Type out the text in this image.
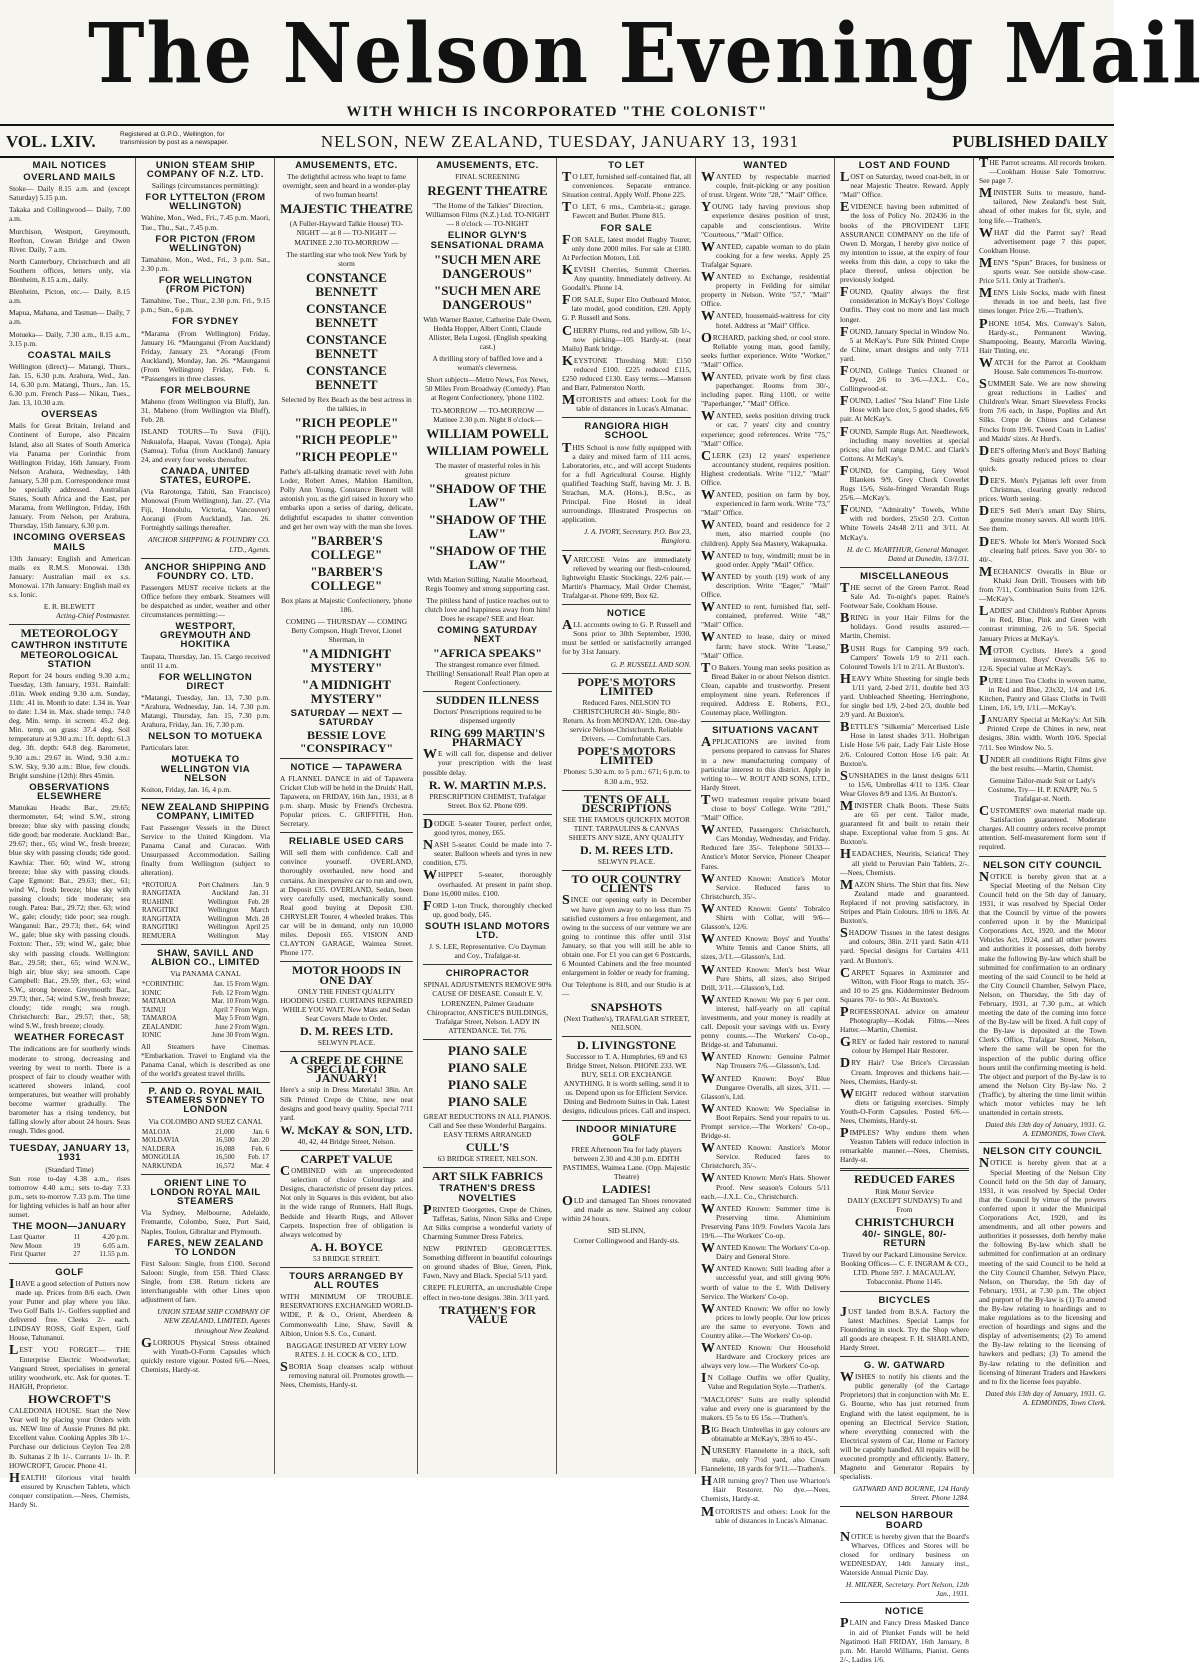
The Nelson Evening Mail
WITH WHICH IS INCORPORATED "THE COLONIST"
VOL. LXIV.	Registered at G.P.O., Wellington, for transmission by post as a newspaper.	NELSON, NEW ZEALAND, TUESDAY, JANUARY 13, 1931	PUBLISHED DAILY
MAIL NOTICES
OVERLAND MAILS

Stoke— Daily 8.15 a.m. and (except Saturday) 5.15 p.m.

Takaka and Collingwood— Daily, 7.00 a.m.

Murchison, Westport, Greymouth, Reefton, Cowan Bridge and Owen River. Daily, 7 a.m.

North Canterbury, Christchurch and all Southern offices, letters only, via Blenheim, 8.15 a.m., daily.

Blenheim, Picton, etc.— Daily, 8.15 a.m.

Mapua, Mahana, and Tasman— Daily, 7 a.m.

Motueka— Daily, 7.30 a.m., 8.15 a.m., 3.15 p.m.

COASTAL MAILS

Wellington (direct)— Matangi, Thurs., Jan. 15, 6.30 p.m. Arahura, Wed., Jan. 14, 6.30 p.m. Matangi, Thurs., Jan. 15, 6.30 p.m. French Pass— Nikau, Tues., Jan. 13, 10.30 a.m.

OVERSEAS

Mails for Great Britain, Ireland and Continent of Europe, also Pitcairn Island, also all States of South America via Panama per Corinthic from Wellington Friday, 16th January. From Nelson Arahura, Wednesday, 14th January, 5.30 p.m. Correspondence must be specially addressed. Australian States, South Africa and the East, per Marama, from Wellington, Friday, 16th January. From Nelson, per Arahura, Thursday, 15th January, 6.30 p.m.

INCOMING OVERSEAS MAILS

13th January: English and American mails ex R.M.S. Monowai. 13th January: Australian mail ex s.s. Monowai. 17th January: English mail ex s.s. Ionic.

E. R. BLEWETT
Acting-Chief Postmaster.
METEOROLOGY
CAWTHRON INSTITUTE METEOROLOGICAL STATION

Report for 24 hours ending 9.30 a.m.; Tuesday, 13th January, 1931. Rainfall: .01in. Week ending 9.30 a.m. Sunday, 11th: .41 in. Month to date: 1.34 in. Year to date: 1.34 in. Max. shade temp.: 74.0 deg. Min. temp. in screen: 45.2 deg. Min. temp. on grass: 37.4 deg. Soil temperature at 9.30 a.m.: 1ft. depth: 61.3 deg. 3ft. depth: 64.8 deg. Barometer, 9.30 a.m.: 29.67 in. Wind, 9.30 a.m.: S.W. Sky, 9.30 a.m.: Blue, few clouds. Bright sunshine (12th): 8hrs 45min.

OBSERVATIONS ELSEWHERE

Manukau Heads: Bar., 29.65; thermometer, 64; wind S.W., strong breeze; blue sky with passing clouds; tide good; bar moderate. Auckland: Bar., 29.67; ther., 65; wind W., fresh breeze; blue sky with passing clouds; tide good. Kawhia: Ther. 60; wind W., strong breeze; blue sky with passing clouds. Cape Egmont: Bar., 29.63; ther., 61; wind W., fresh breeze; blue sky with passing clouds; tide moderate; sea rough. Patea: Bar., 29.72; ther. 63; wind W., gale; cloudy; tide poor; sea rough. Wanganui: Bar., 29.73; ther., 64; wind W., gale; blue sky with passing clouds. Foxton: Ther., 59; wind W., gale; blue sky with passing clouds. Wellington: Bar., 29.58; ther., 65; wind W.N.W., high air; blue sky; sea smooth. Cape Campbell: Bar., 29.59; ther., 63; wind S.W., strong breeze. Greymouth: Bar., 29.73; ther., 54; wind S.W., fresh breeze; cloudy; tide rough; sea rough. Christchurch: Bar., 29.57; ther., 58; wind S.W., fresh breeze; cloudy.

WEATHER FORECAST

The indications are for southerly winds moderate to strong, decreasing and veering by west to north. There is a prospect of fair to cloudy weather with scattered showers inland, cool temperatures, but weather will probably become warmer gradually. The barometer has a rising tendency, but falling slowly after about 24 hours. Seas rough. Tides good.

TUESDAY, JANUARY 13, 1931
(Standard Time)

Sun rose to-day 4.38 a.m., rises tomorrow 4.40 a.m.; sets to-day 7.33 p.m., sets to-morrow 7.33 p.m. The time for lighting vehicles is half an hour after sunset.

THE MOON—JANUARY
Last Quarter	11	4.20 p.m.
New Moon	19	6.05 a.m.
First Quarter	27	11.55 p.m.
GOLF

IHAVE a good selection of Putters now made up. Prices from 8/6 each. Own your Putter and play where you like. Two Golf Balls 1/-. Golfers supplied and delivered free. Cleeks 2/- each. LINDSAY ROSS, Golf Expert, Golf House, Tahunanui.

LEST YOU FORGET— THE Enterprise Electric Woodworker, Vanguard Street, specialises in general utility woodwork, etc. Ask for quotes. T. HAIGH, Proprietor.

HOWCROFT'S

CALEDONIA HOUSE. Start the New Year well by placing your Orders with us. NEW line of Aussie Prunes 8d pkt. Excellent value. Cooking Apples 3lb 1/-. Purchase our delicious Ceylon Tea 2/8 lb. Sultanas 2 lb 1/-. Currants 1/- lb. P. HOWCROFT, Grocer. Phone 41.

HEALTH! Glorious vital health ensured by Kruschen Tablets, which conquer constipation.—Nees, Chemists, Hardy St.

UNION STEAM SHIP COMPANY OF N.Z. LTD.
Sailings (circumstances permitting):
FOR LYTTELTON (FROM WELLINGTON)

Wahine, Mon., Wed., Fri., 7.45 p.m. Maori, Tue., Thu., Sat., 7.45 p.m.

FOR PICTON (FROM WELLINGTON)

Tamahine, Mon., Wed., Fri., 3 p.m. Sat., 2.30 p.m.

FOR WELLINGTON (FROM PICTON)

Tamahine, Tue., Thur., 2.30 p.m. Fri., 9.15 p.m.; Sun., 6 p.m.

FOR SYDNEY

*Marama (From Wellington) Friday, January 16. *Maunganui (From Auckland) Friday, January 23. *Aorangi (From Auckland), Monday, Jan. 26. *Maunganui (From Wellington) Friday, Feb. 6. *Passengers in three classes.

FOR MELBOURNE

Maheno (from Wellington via Bluff), Jan. 31. Maheno (from Wellington via Bluff), Feb. 28.

ISLAND TOURS—To Suva (Fiji), Nukualofa, Haapai, Vavau (Tonga), Apia (Samoa). Tofua (from Auckland) January 24, and every four weeks thereafter.

CANADA, UNITED STATES, EUROPE.

(Via Rarotonga, Tahiti, San Francisco) Monowai (From Wellington), Jan. 27. (Via Fiji, Honolulu, Victoria, Vancouver) Aorangi (From Auckland), Jan. 26. Fortnightly sailings thereafter.

ANCHOR SHIPPING & FOUNDRY CO. LTD., Agents.

ANCHOR SHIPPING AND FOUNDRY CO. LTD.

Passengers MUST receive tickets at the Office before they embark. Steamers will be despatched as under, weather and other circumstances permitting:—

WESTPORT, GREYMOUTH AND HOKITIKA

Taupata, Thursday, Jan. 15. Cargo received until 11 a.m.

FOR WELLINGTON DIRECT

*Matangi, Tuesday, Jan. 13, 7.30 p.m. *Arahura, Wednesday, Jan. 14, 7.30 p.m. Matangi, Thursday, Jan. 15, 7.30 p.m. Arahura, Friday, Jan. 16, 7.30 p.m.

NELSON TO MOTUEKA

Particulars later.

MOTUEKA TO WELLINGTON VIA NELSON

Koiton, Friday, Jan. 16, 4 p.m.

NEW ZEALAND SHIPPING COMPANY, LIMITED

Fast Passenger Vessels in the Direct Service to the United Kingdom. Via Panama Canal and Curacao. With Unsurpassed Accommodation. Sailing finally from Wellington (subject to alteration).

*ROTOIUA	Port Chalmers	Jan. 9
RANGITATA	Auckland	Jan. 31
RUAHINE	Wellington	Feb. 28
RANGITIKI	Wellington	March
RANGITATA	Wellington	Mch. 28
RANGITIKI	Wellington	April 25
REMUERA	Wellington	May
SHAW, SAVILL AND ALBION CO., LIMITED
Via PANAMA CANAL
*CORINTHIC	Jan. 15 From Wgtn.
IONIC	Feb. 12 From Wgtn.
MATAROA	Mar. 10 From Wgtn.
TAINUI	April 7 From Wgtn.
TAMAROA	May 5 From Wgtn.
ZEALANDIC	June 2 From Wgtn.
IONIC	June 30 From Wgtn.

All Steamers have Cinemas. *Embarkation. Travel to England via the Panama Canal, which is described as one of the world's greatest travel thrills.

P. AND O. ROYAL MAIL STEAMERS SYDNEY TO LONDON
Via COLOMBO AND SUEZ CANAL
MALOJA	21,000	Jan. 6
MOLDAVIA	16,500	Jan. 20
NALDERA	16,088	Feb. 6
MONGOLIA	16,500	Feb. 17
NARKUNDA	16,572	Mar. 4
ORIENT LINE TO LONDON ROYAL MAIL STEAMERS

Via Sydney, Melbourne, Adelaide, Fremantle, Colombo, Suez, Port Said, Naples, Toulon, Gibraltar and Plymouth.

FARES, NEW ZEALAND TO LONDON

First Saloon: Single, from £100. Second Saloon: Single, from £58. Third Class: Single, from £38. Return tickets are interchangeable with other Lines upon adjustment of fare.

UNION STEAM SHIP COMPANY OF NEW ZEALAND, LIMITED, Agents throughout New Zealand.

GLORIOUS Physical Stress obtained with Youth-O-Form Capsules which quickly restore vigour. Posted 6/6.—Nees, Chemists, Hardy-st.

AMUSEMENTS, ETC.

The delightful actress who leapt to fame overnight, seen and heard in a wonder-play of two human hearts!

MAJESTIC THEATRE

(A Fuller-Hayward Talkie House) TO-NIGHT — at 8 — TO-NIGHT — MATINEE 2.30 TO-MORROW —

The startling star who took New York by storm

CONSTANCE BENNETT
CONSTANCE BENNETT
CONSTANCE BENNETT
CONSTANCE BENNETT

Selected by Rex Beach as the best actress in the talkies, in

"RICH PEOPLE"
"RICH PEOPLE"
"RICH PEOPLE"

Pathe's all-talking dramatic revel with John Loder, Robert Ames, Mahlon Hamilton, Polly Ann Young. Constance Bennett will astonish you, as the girl raised in luxury who embarks upon a series of daring, delicate, delightful escapades to shatter convention and get her own way with the man she loves.

"BARBER'S COLLEGE"
"BARBER'S COLLEGE"

Box plans at Majestic Confectionery, 'phone 186.

COMING — THURSDAY — COMING Betty Compson, Hugh Trevor, Lionel Sherman, in

"A MIDNIGHT MYSTERY"
"A MIDNIGHT MYSTERY"
SATURDAY — NEXT — SATURDAY
BESSIE LOVE
"CONSPIRACY"
NOTICE — TAPAWERA

A FLANNEL DANCE in aid of Tapawera Cricket Club will be held in the Druids' Hall, Tapawera, on FRIDAY, 16th Jan., 1931, at 8 p.m. sharp. Music by Friend's Orchestra. Popular prices. C. GRIFFITH, Hon. Secretary.

RELIABLE USED CARS

Will sell them with confidence. Call and convince yourself. OVERLAND, thoroughly overhauled, new hood and curtains. An inexpensive car to run and own, at Deposit £35. OVERLAND, Sedan, been very carefully used, mechanically sound. Real good buying at Deposit £30. CHRYSLER Tourer, 4 wheeled brakes. This car will be in demand, only run 10,000 miles. Deposit £65. VISION AND CLAYTON GARAGE, Waimea Street. Phone 177.

MOTOR HOODS IN ONE DAY

ONLY THE FINEST QUALITY HOODING USED. CURTAINS REPAIRED WHILE YOU WAIT. New Mats and Sedan Seat Covers Made to Order.

D. M. REES LTD.
SELWYN PLACE.
A CREPE DE CHINE SPECIAL FOR JANUARY!

Here's a snip in Dress Materials! 38in. Art Silk Printed Crepe de Chine, new neat designs and good heavy quality. Special 7/11 yard.

W. McKAY & SON, LTD.
40, 42, 44 Bridge Street, Nelson.
CARPET VALUE

COMBINED with an unprecedented selection of choice Colourings and Designs, characteristic of present day prices. Not only in Squares is this evident, but also in the wide range of Runners, Hall Rugs, Bedside and Hearth Rugs, and Allover Carpets. Inspection free of obligation is always welcomed by

A. H. BOYCE
53 BRIDGE STREET.
TOURS ARRANGED BY ALL ROUTES

WITH MINIMUM OF TROUBLE. RESERVATIONS EXCHANGED WORLD-WIDE, P. & O., Orient, Aberdeen & Commonwealth Line, Shaw, Savill & Albion, Union S.S. Co., Cunard.

BAGGAGE INSURED AT VERY LOW RATES. J. H. COCK & CO., LTD.

SBORIA Soap cleanses scalp without removing natural oil. Promotes growth.—Nees, Chemists, Hardy-st.

AMUSEMENTS, ETC.
FINAL SCREENING
REGENT THEATRE

"The Home of the Talkies" Direction, Williamson Films (N.Z.) Ltd. TO-NIGHT — 8 o'clock — TO-NIGHT

ELINOR GLYN'S SENSATIONAL DRAMA
"SUCH MEN ARE DANGEROUS"
"SUCH MEN ARE DANGEROUS"

With Warner Baxter, Catherine Dale Owen, Hedda Hopper, Albert Conti, Claude Allister, Bela Lugosi. (English speaking cast.)

A thrilling story of baffled love and a woman's cleverness.

Short subjects—Metro News, Fox News, 50 Miles From Broadway (Comedy). Plan at Regent Confectionery, 'phone 1102.

TO-MORROW — TO-MORROW — Matinee 2.30 p.m. Night 8 o'clock—

WILLIAM POWELL
WILLIAM POWELL

The master of masterful roles in his greatest picture

"SHADOW OF THE LAW"
"SHADOW OF THE LAW"
"SHADOW OF THE LAW"

With Marion Stilling, Natalie Moorhead, Regis Toomey and strong supporting cast.

The pitiless hand of justice reaches out to clutch love and happiness away from him! Does he escape? SEE and Hear.

COMING SATURDAY NEXT
"AFRICA SPEAKS"

The strangest romance ever filmed. Thrilling! Sensational! Real! Plan open at Regent Confectionery.

SUDDEN ILLNESS

Doctors' Prescriptions required to be dispensed urgently

RING 699 MARTIN'S PHARMACY

WE will call for, dispense and deliver your prescription with the least possible delay.

R. W. MARTIN M.P.S.

PRESCRIPTION CHEMIST, Trafalgar Street. Box 62. Phone 699.

DODGE 5-seater Tourer, perfect order, good tyres, money, £65.

NASH 5-seater. Could be made into 7-seater. Balloon wheels and tyres in new condition, £75.

WHIPPET 5-seater, thoroughly overhauled. At present in paint shop. Done 16,000 miles. £100.

FORD 1-ton Truck, thoroughly checked up, good body, £45.

SOUTH ISLAND MOTORS LTD.

J. S. LEE, Representative. C/o Dayman and Coy., Trafalgar-st.

CHIROPRACTOR

SPINAL ADJUSTMENTS REMOVE 90% CAUSE OF DISEASE. Consult E. V. LORENZEN, Palmer Graduate Chiropractor, ANSTICE'S BUILDINGS, Trafalgar Street, Nelson. LADY IN ATTENDANCE. Tel. 776.

PIANO SALE
PIANO SALE
PIANO SALE
PIANO SALE

GREAT REDUCTIONS IN ALL PIANOS. Call and See these Wonderful Bargains. EASY TERMS ARRANGED

CULL'S
63 BRIDGE STREET, NELSON.
ART SILK FABRICS
TRATHEN'S DRESS NOVELTIES

PRINTED Georgettes, Crepe de Chines, Taffetas, Satins, Ninon Silks and Crepe Art Silks comprise a wonderful variety of Charming Summer Dress Fabrics.

NEW PRINTED GEORGETTES. Something different in beautiful colourings on ground shades of Blue, Green, Pink, Fawn, Navy and Black. Special 5/11 yard.

CREPE FLEURITA, an uncrushable Crepe effect in two-tone designs. 38in. 3/11 yard.

TRATHEN'S FOR VALUE
TO LET

TO LET, furnished self-contained flat, all conveniences. Separate entrance. Situation central. Apply Wolf. Phone 225.

TO LET, 6 rms., Cambria-st.; garage. Fawcett and Butler. Phone 815.

FOR SALE

FOR SALE, latest model Rugby Tourer, only done 2000 miles. For sale at £180. At Perfection Motors, Ltd.

KEVISH Cherries, Summit Cherries. Any quantity. Immediately delivery. At Goodall's. Phone 14.

FOR SALE, Super Elto Outboard Motor, late model, good condition, £20. Apply G. P. Russell and Sons.

CHERRY Plums, red and yellow, 5lb 1/-, now picking—105 Hardy-st. (near Mailu) Bank bridge.

KEYSTONE Threshing Mill: £150 reduced £100. £225 reduced £115, £250 reduced £130. Easy terms.—Manson and Barr, Palmerston North.

MOTORISTS and others: Look for the table of distances in Lucas's Almanac.

RANGIORA HIGH SCHOOL

THIS School is now fully equipped with a dairy and mixed farm of 111 acres, Laboratories, etc., and will accept Students for a full Agricultural Course. Highly qualified Teaching Staff, having Mr. J. B. Strachan, M.A. (Hons.), B.Sc., as Principal. Fine Hostel in ideal surroundings. Illustrated Prospectus on application.

J. A. IVORY, Secretary. P.O. Box 23, Rangiora.

VARICOSE Veins are immediately relieved by wearing our flesh-coloured, lightweight Elastic Stockings, 22/6 pair.—Martin's Pharmacy, Mail Order Chemist, Trafalgar-st. Phone 699, Box 62.

NOTICE

ALL accounts owing to G. P. Russell and Sons prior to 30th September, 1930, must be settled or satisfactorily arranged for by 31st January.

G. P. RUSSELL AND SON.

POPE'S MOTORS LIMITED

Reduced Fares. NELSON TO CHRISTCHURCH 40/- Single, 80/- Return. As from MONDAY, 12th. One-day service Nelson-Christchurch. Reliable Drivers. — Comfortable Cars.

POPE'S MOTORS LIMITED

Phones: 5.30 a.m. to 5 p.m.: 671; 6 p.m. to 8.30 a.m., 952.

TENTS OF ALL DESCRIPTIONS

SEE THE FAMOUS QUICKFIX MOTOR TENT. TARPAULINS & CANVAS SHEETS ANY SIZE, ANY QUALITY

D. M. REES LTD.
SELWYN PLACE.
TO OUR COUNTRY CLIENTS

SINCE our opening early in December we have given away to no less than 75 satisfied customers a free enlargement, and owing to the success of our venture we are going to continue this offer until 31st January, so that you will still be able to obtain one. For £1 you can get 6 Postcards, 6 Mounted Cabinets and the free mounted enlargement in folder or ready for framing.

Our Telephone is 810, and our Studio is at—

SNAPSHOTS

(Next Trathen's), TRAFALGAR STREET, NELSON.

D. LIVINGSTONE

Successor to T. A. Humphries, 69 and 63 Bridge Street, Nelson. PHONE 233. WE BUY, SELL OR EXCHANGE ANYTHING. It is worth selling, send it to us. Depend upon us for Efficient Service. Dining and Bedroom Suites in Oak. Latest designs, ridiculous prices. Call and inspect.

INDOOR MINIATURE GOLF

FREE Afternoon Tea for lady players between 2.30 and 4.30 p.m. EDITH PASTIMES, Waimea Lane. (Opp. Majestic Theatre)

LADIES!

OLD and damaged Tan Shoes renovated and made as new. Stained any colour within 24 hours.

SID SLINN,
Corner Collingwood and Hardy-sts.
WANTED

WANTED by respectable married couple, fruit-picking or any position of trust. Urgent. Write "28," "Mail" Office.

YOUNG lady having previous shop experience desires position of trust, capable and conscientious. Write "Courteous," "Mail" Office.

WANTED, capable woman to do plain cooking for a few weeks. Apply 25 Trafalgar Square.

WANTED to Exchange, residential property in Feilding for similar property in Nelson. Write "57," "Mail" Office.

WANTED, housemaid-waitress for city hotel. Address at "Mail" Office.

ORCHARD, packing shed, or cool store. Reliable young man, good family, seeks further experience. Write "Worker," "Mail" Office.

WANTED, private work by first class paperhanger. Rooms from 30/-, including paper. Ring 1100, or write "Paperhanger," "Mail" Office.

WANTED, seeks position driving truck or car, 7 years' city and country experience; good references. Write "75," "Mail" Office.

CLERK (23) 12 years' experience accountancy student, requires position. Highest credentials. Write "112," "Mail" Office.

WANTED, position on farm by boy, experienced in farm work. Write "73," "Mail" Office.

WANTED, board and residence for 2 men, also married couple (no children). Apply Sea Mastery, Wakapuaka.

WANTED to buy, windmill; must be in good order. Apply "Mail" Office.

WANTED by youth (19) work of any description. Write "Eager," "Mail" Office.

WANTED to rent, furnished flat, self-contained, preferred. Write "48," "Mail" Office.

WANTED to lease, dairy or mixed farm; have stock. Write "Lease," "Mail" Office.

TO Bakers. Young man seeks position as Bread Baker in or about Nelson district. Clean, capable and trustworthy. Present employment nine years. References if required. Address E. Roberts, P.O., Coutemay place, Wellington.

SITUATIONS VACANT

APPLICATIONS are invited from persons prepared to canvass for Shares in a new manufacturing company of particular interest to this district. Apply in writing to— W. ROUT AND SONS, LTD., Hardy Street.

TWO tradesmen require private board close to boys' College. Write "201," "Mail" Office.

WANTED, Passengers: Christchurch, Cars Monday, Wednesday, and Friday. Reduced fare 35/-. Telephone 50133—Anstice's Motor Service, Pioneer Cheaper Fares.

WANTED Known: Anstice's Motor Service. Reduced fares to Christchurch, 35/-.

WANTED Known: Gents' Tobralco Shirts with Collar, will 9/6—Glasson's, 12/6.

WANTED Known: Boys' and Youths' White Tennis and Canoe Shirts, all sizes, 3/11.—Glasson's, Ltd.

WANTED Known: Men's best Wear Pure Shirts, all sizes, also Striped Drill, 3/11.—Glasson's, Ltd.

WANTED Known: We pay 6 per cent. interest, half-yearly on all capital investments, and your money is readily at call. Deposit your savings with us. Every penny counts.—The Workers' Co-op., Bridge-st. and Tahunanui.

WANTED Known: Genuine Palmer Nap Trousers 7/6.—Glasson's, Ltd.

WANTED Known: Boys' Blue Dungaree Overalls, all sizes, 3/11. — Glasson's, Ltd.

WANTED Known: We Specialise in Boot Repairs. Send your repairs to us. Prompt service.—The Workers' Co-op., Bridge-st.

WANTED Known: Anstice's Motor Service. Reduced fares to Christchurch, 35/-.

WANTED Known: Men's Hats. Shower Proof. New season's Colours 5/11 each.—J.X.L. Co., Christchurch.

WANTED Known: Summer time is Preserving time. Aluminium Preserving Pans 10/9. Fowlers Vacola Jars 19/6.—The Workers' Co-op.

WANTED Known: The Workers' Co-op. Dairy and General Store.

WANTED Known: Still leading after a successful year, and still giving 90% worth of value to the £. With Delivery Service. The Workers' Co-op.

WANTED Known: We offer no lowly prices to lowly people. Our low prices are the same to everyone. Town and Country alike.—The Workers' Co-op.

WANTED Known: Our Household Hardware and Crockery prices are always very low.—The Workers' Co-op.

IN Collage Outfits we offer Quality, Value and Regulation Style.—Trathen's.

"MACLONS" Suits are really splendid value and every one is guaranteed by the makers. £5 5s to £6 15s.—Trathen's.

BIG Beach Umbrellas in gay colours are obtainable at McKay's, 39/6 to 45/-.

NURSERY Flannelette in a thick, soft make, only 7½d yard, also Cream Flannelette, 18 yards for 9/11.—Trathen's.

HAIR turning grey? Then use Wharton's Hair Restorer. No dye.—Nees, Chemists, Hardy-st.

MOTORISTS and others: Look for the table of distances in Lucas's Almanac.

LOST AND FOUND

LOST on Saturday, tweed coat-belt, in or near Majestic Theatre. Reward. Apply "Mail" Office.

EVIDENCE having been submitted of the loss of Policy No. 202436 in the books of the PROVIDENT LIFE ASSURANCE COMPANY on the life of Owen D. Morgan, I hereby give notice of my intention to issue, at the expiry of four weeks from this date, a copy to take the place thereof, unless objection be previously lodged.

FOUND, Quality always the first consideration in McKay's Boys' College Outfits. They cost no more and last much longer.

FOUND, January Special in Window No. 5 at McKay's. Pure Silk Printed Crepe de Chine, smart designs and only 7/11 yard.

FOUND, College Tunics Cleaned or Dyed, 2/6 to 3/6.—J.X.L. Co., Collingwood-st.

FOUND, Ladies' "Sea Island" Fine Lisle Hose with lace clox, 5 good shades, 6/6 pair. At McKay's.

FOUND, Sample Rugs Art. Needlework, including many novelties at special prices; also full range D.M.C. and Clark's Cottons. At McKay's.

FOUND, for Camping, Grey Wool Blankets 9/9, Grey Check Coverlet Rugs 15/6, Sisle-fringed Verandah Rugs 25/6.—McKay's.

FOUND, "Admiralty" Towels, White with red borders, 25x50 2/3. Cotton White Towels 24x48 2/11 and 3/11. At McKay's.

H. de C. McARTHUR, General Manager. Dated at Dunedin, 13/1/31.

MISCELLANEOUS

THE secret of the Green Parrot. Read Sale Ad. To-night's paper. Raine's Footwear Sale, Cookham House.

BRING in your Hair Films for the holidays. Good results assured.—Martin, Chemist.

BUSH Rugs for Camping 9/9 each. Campers' Towels 1/9 to 2/11 each. Coloured Towels 1/1 to 2/11. At Buxton's.

HEAVY White Sheeting for single beds 1/11 yard, 2-bed 2/11, double bed 3/3 yard. Unbleached Sheeting, Herringbone, for single bed 1/9, 2-bed 2/3, double bed 2/9 yard. At Buxton's.

BETTLE'S "Silkemia" Mercerised Lisle Hose in latest shades 3/11. Holbrigan Lisle Hose 5/6 pair, Lady Fair Lisle Hose 2/6. Coloured Cotton Hose 1/6 pair. At Buxton's.

SUNSHADES in the latest designs 6/11 to 15/6, Umbrellas 4/11 to 13/6. Clear Wear Gloves 8/9 and 13/6. At Buxton's.

MINISTER Chalk Boots. These Suits are 65 per cent. Tailor made, guaranteed fit and built to retain their shape. Exceptional value from 5 gns. At Buxton's.

HEADACHES, Neuritis, Sciatica! They all yield to Peruvian Pain Tablets, 2/-.—Nees, Chemists.

MAZON Shirts. The Shirt that fits. New Zealand made and guaranteed. Replaced if not proving satisfactory, in Stripes and Plain Colours. 10/6 to 18/6. At Buxton's.

SHADOW Tissues in the latest designs and colours, 38in. 2/11 yard. Satin 4/11 yard. Special designs for Curtains 4/11 yard. At Buxton's.

CARPET Squares in Axminster and Wilton, with Floor Rugs to match. 35/- and 10 to 25 gns. Kidderminster Bedroom Squares 70/- to 90/-. At Buxton's.

PROFESSIONAL advice on amateur Photography—Kodak Films.—Nees Hatter.—Martin, Chemist.

GREY or faded hair restored to natural colour by Hempel Hair Restorer.

DRY Hair? Use Brice's Circassian Cream. Improves and thickens hair.—Nees, Chemists, Hardy-st.

WEIGHT reduced without starvation diets or fatiguing exercises. Simply Youth-O-Form Capsules. Posted 6/6.—Nees, Chemists, Hardy-st.

PIMPLES? Why endure them when Yeaston Tablets will reduce infection in remarkable manner.—Nees, Chemists, Hardy-st.

REDUCED FARES
Rink Motor Service
DAILY (EXCEPT SUNDAYS) To and From
CHRISTCHURCH
40/- SINGLE, 80/- RETURN

Travel by our Packard Limousine Service. Booking Offices— C. F. INGRAM & CO., LTD. Phone 597. J. MACAULAY, Tobacconist. Phone 1145.

BICYCLES

JUST landed from B.S.A. Factory the latest Machines. Special Lamps for Floundering in stock. Try the Shop where all goods are cheapest. F. H. SHARLAND, Hardy Street.

G. W. GATWARD

WISHES to notify his clients and the public generally (of the Cartage Proprietors) that in conjunction with Mr. E. G. Bourne, who has just returned from England with the latest equipment, he is opening an Electrical Service Station, where everything connected with the Electrical system of Car, Home or Factory will be capably handled. All repairs will be executed promptly and efficiently. Battery, Magneto and Generator Repairs by specialists.

GATWARD AND BOURNE, 124 Hardy Street. Phone 1284.

NELSON HARBOUR BOARD

NOTICE is hereby given that the Board's Wharves, Offices and Stores will be closed for ordinary business on WEDNESDAY, 14th January inst., Waterside Annual Picnic Day.

H. MILNER, Secretary. Port Nelson, 12th Jan., 1931.

NOTICE

PLAIN and Fancy Dress Masked Dance in aid of Plunket Funds will be held Ngatimoti Hall FRIDAY, 16th January, 8 p.m. Mr. Harold Williams, Pianist. Gents 2/-, Ladies 1/6.

THE Parrot screams. All records broken.—Cookham House Sale Tomorrow. See page 7.

MINISTER Suits to measure, hand-tailored, New Zealand's best Suit, ahead of other makes for fit, style, and long life.—Trathen's.

WHAT did the Parrot say? Read advertisement page 7 this paper, Cookham House.

MEN'S "Spun" Braces, for business or sports wear. See outside show-case. Price 5/11. Only at Trathen's.

MEN'S Lisle Socks, made with finest threads in toe and heels, last five times longer. Price 2/6.—Trathen's.

PHONE 1054, Mrs. Conway's Salon, Hardy-st., Permanent Waving, Shampooing, Beauty, Marcella Waving, Hair Tinting, etc.

WATCH for the Parrot at Cookham House. Sale commences To-morrow.

SUMMER Sale. We are now showing great reductions in Ladies' and Children's Wear. Smart Sleeveless Frocks from 7/6 each, in Jaspe, Poplins and Art Silks. Crepe de Chines and Celanese Frocks from 19/6. Tweed Coats in Ladies' and Maids' sizes. At Hurd's.

DEE'S offering Men's and Boys' Bathing Suits greatly reduced prices to clear quick.

DEE'S. Men's Pyjamas left over from Christmas, clearing greatly reduced prices. Worth seeing.

DEE'S Sell Men's smart Day Shirts, genuine money savers. All worth 10/6. See them.

DEE'S. Whole lot Men's Worsted Sock clearing half prices. Save you 30/- to 40/-.

MECHANICS' Overalls in Blue or Khaki Jean Drill. Trousers with bib from 7/11, Combination Suits from 12/6.—McKay's.

LADIES' and Children's Rubber Aprons in Red, Blue, Pink and Green with contrast trimming, 2/6 to 5/6. Special January Prices at McKay's.

MOTOR Cyclists. Here's a good investment. Boys' Overalls 5/6 to 12/6. Special value at McKay's.

PURE Linen Tea Cloths in woven name, in Red and Blue, 23x32, 1/4 and 1/6. Kitchen, Pantry and Glass Cloths in Twill Linen, 1/6, 1/9, 1/11.—McKay's.

JANUARY Special at McKay's: Art Silk Printed Crepe de Chines in new, neat designs, 38in. width. Worth 10/6. Special 7/11. See Window No. 5.

UNDER all conditions Right Films give the best results.—Martin, Chemist.

Genuine Tailor-made Suit or Lady's Costume, Try— H. P. KNAPP, No. 5 Trafalgar-st. North.

CUSTOMERS' own material made up. Satisfaction guaranteed. Moderate charges. All country orders receive prompt attention. Self-measurement form sent if required.

NELSON CITY COUNCIL

NOTICE is hereby given that at a Special Meeting of the Nelson City Council held on the 5th day of January, 1931, it was resolved by Special Order that the Council by virtue of the powers conferred upon it by the Municipal Corporations Act, 1920, and the Motor Vehicles Act, 1924, and all other powers and authorities it possesses, doth hereby make the following By-law which shall be submitted for confirmation to an ordinary meeting of the said Council to be held at the City Council Chamber, Selwyn Place, Nelson, on Thursday, the 5th day of February, 1931, at 7.30 p.m., at which meeting the date of the coming into force of the By-law will be fixed. A full copy of the By-law is deposited at the Town Clerk's Office, Trafalgar Street, Nelson, where the same will be open for the inspection of the public during office hours until the confirming meeting is held. The object and purport of the By-law is to amend the Nelson City By-law No. 2 (Traffic), by altering the time limit within which motor vehicles may be left unattended in certain streets.

Dated this 13th day of January, 1931. G. A. EDMONDS, Town Clerk.

NELSON CITY COUNCIL

NOTICE is hereby given that at a Special Meeting of the Nelson City Council held on the 5th day of January, 1931, it was resolved by Special Order that the Council by virtue of the powers conferred upon it under the Municipal Corporations Act, 1920, and its amendments, and all other powers and authorities it possesses, doth hereby make the following By-law which shall be submitted for confirmation at an ordinary meeting of the said Council to be held at the City Council Chamber, Selwyn Place, Nelson, on Thursday, the 5th day of February, 1931, at 7.30 p.m. The object and purport of the By-law is (1) To amend the By-law relating to hoardings and to make regulations as to the licensing and erection of hoardings and signs and the display of advertisements; (2) To amend the By-law relating to the licensing of hawkers and pedlars; (3) To amend the By-law relating to the definition and licensing of Itinerant Traders and Hawkers and to fix the license fees payable.

Dated this 13th day of January, 1931. G. A. EDMONDS, Town Clerk.
